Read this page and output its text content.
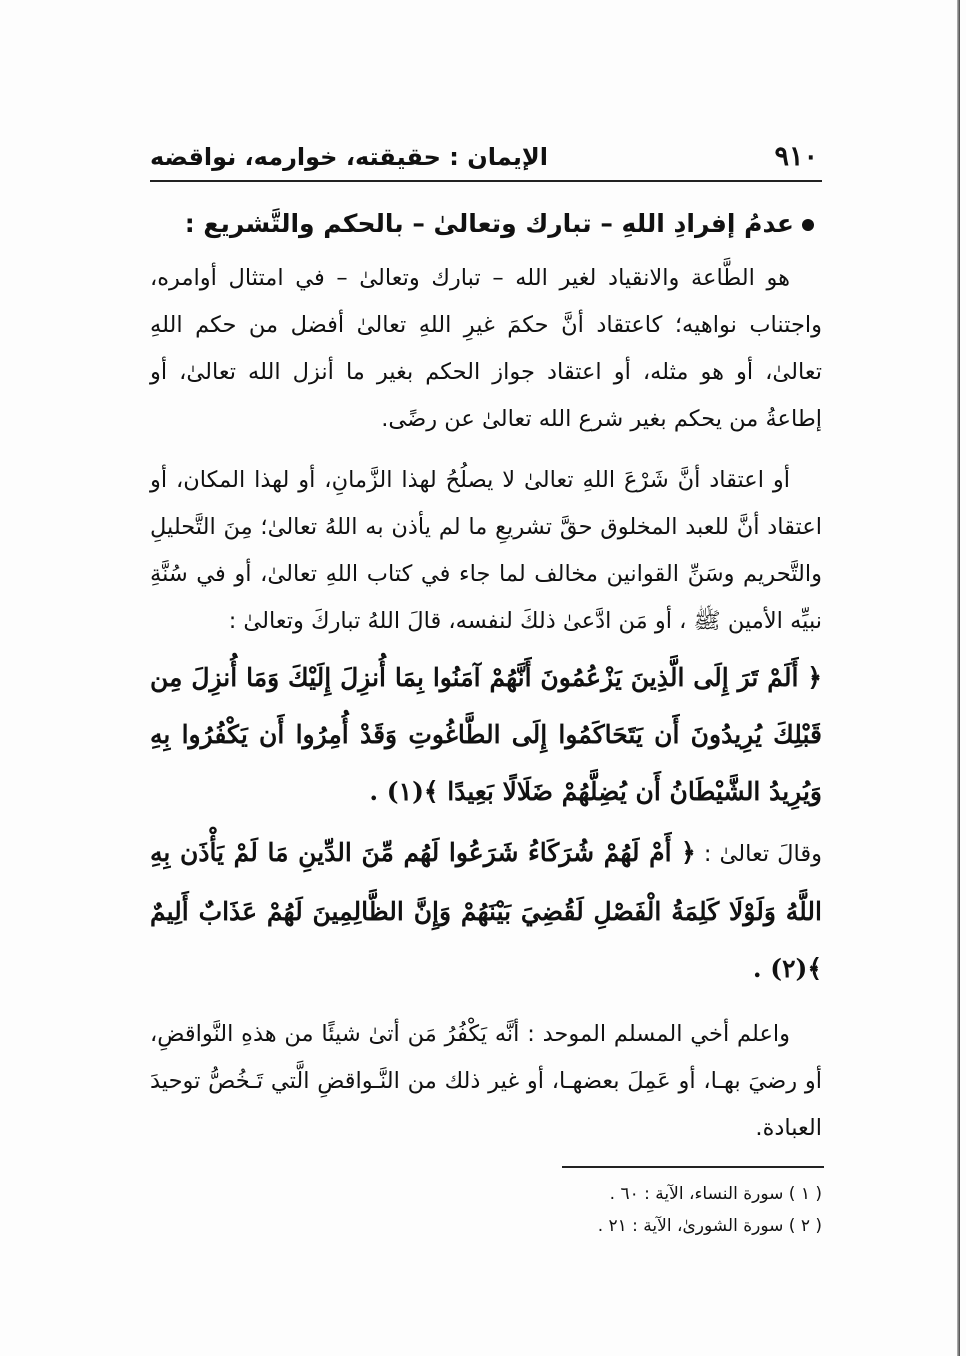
٩١٠
الإيمان : حقيقته، خوارمه، نواقضه

عدمُ إفرادِ اللهِ – تبارك وتعالىٰ – بالحكم والتَّشريع :

هو الطَّاعة والانقياد لغير الله – تبارك وتعالىٰ – في امتثال أوامره، واجتناب نواهيه؛ كاعتقاد أنَّ حكمَ غيرِ اللهِ تعالىٰ أفضل من حكم اللهِ تعالىٰ، أو هو مثله، أو اعتقاد جواز الحكم بغير ما أنزل الله تعالىٰ، أو إطاعةُ من يحكم بغير شرع الله تعالىٰ عن رضًى.

أو اعتقاد أنَّ شَرْعَ اللهِ تعالىٰ لا يصلُحُ لهذا الزَّمانِ، أو لهذا المكان، أو اعتقاد أنَّ للعبد المخلوق حقَّ تشريعِ ما لم يأذن به اللهُ تعالىٰ؛ مِنَ التَّحليلِ والتَّحريم وسَنِّ القوانين مخالف لما جاء في كتاب اللهِ تعالىٰ، أو في سُنَّةِ نبيِّه الأمين ﷺ ، أو مَن ادَّعىٰ ذلكَ لنفسه، قالَ اللهُ تباركَ وتعالىٰ :

﴿ أَلَمْ تَرَ إِلَى الَّذِينَ يَزْعُمُونَ أَنَّهُمْ آمَنُوا بِمَا أُنزِلَ إِلَيْكَ وَمَا أُنزِلَ مِن قَبْلِكَ يُرِيدُونَ أَن يَتَحَاكَمُوا إِلَى الطَّاغُوتِ وَقَدْ أُمِرُوا أَن يَكْفُرُوا بِهِ وَيُرِيدُ الشَّيْطَانُ أَن يُضِلَّهُمْ ضَلَالًا بَعِيدًا ﴾(١) .

وقالَ تعالىٰ : ﴿ أَمْ لَهُمْ شُرَكَاءُ شَرَعُوا لَهُم مِّنَ الدِّينِ مَا لَمْ يَأْذَن بِهِ اللَّهُ وَلَوْلَا كَلِمَةُ الْفَصْلِ لَقُضِيَ بَيْنَهُمْ وَإِنَّ الظَّالِمِينَ لَهُمْ عَذَابٌ أَلِيمٌ ﴾(٢) .

واعلم أخي المسلم الموحد : أنَّه يَكْفُرُ مَن أتىٰ شيئًا من هذهِ النَّواقضِ، أو رضيَ بهـا، أو عَمِلَ بعضهـا، أو غير ذلك من النَّـواقضِ الَّتي تَـخُصُّ توحيدَ العبادة.

( ١ ) سورة النساء، الآية : ٦٠ .

( ٢ ) سورة الشورىٰ، الآية : ٢١ .
